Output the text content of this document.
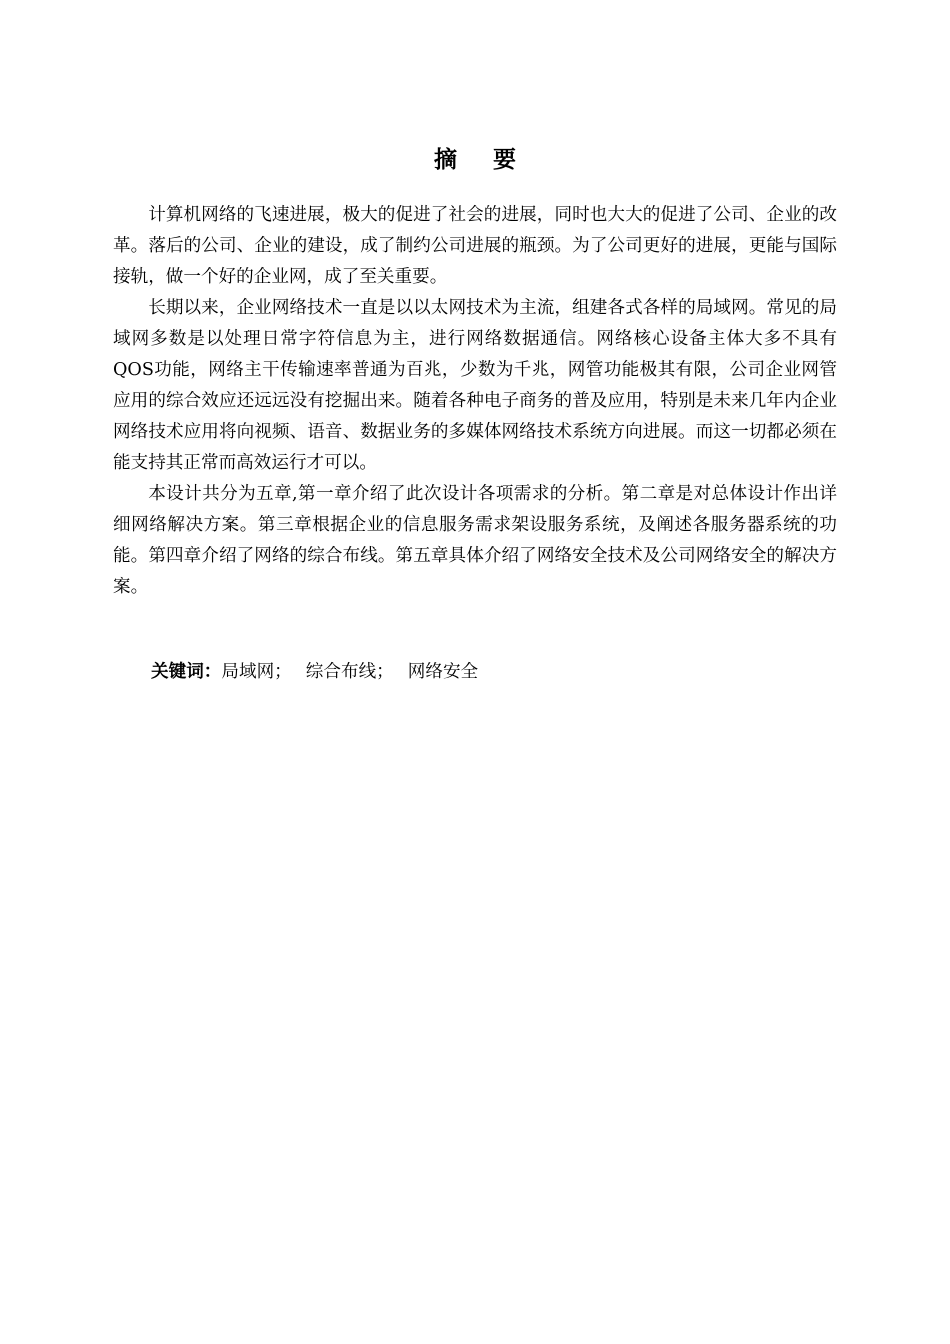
摘 要

计算机网络的飞速进展，极大的促进了社会的进展，同时也大大的促进了公司、企业的改革。落后的公司、企业的建设，成了制约公司进展的瓶颈。为了公司更好的进展，更能与国际接轨，做一个好的企业网，成了至关重要。

长期以来，企业网络技术一直是以以太网技术为主流，组建各式各样的局域网。常见的局域网多数是以处理日常字符信息为主，进行网络数据通信。网络核心设备主体大多不具有QOS功能，网络主干传输速率普通为百兆，少数为千兆，网管功能极其有限，公司企业网管应用的综合效应还远远没有挖掘出来。随着各种电子商务的普及应用，特别是未来几年内企业网络技术应用将向视频、语音、数据业务的多媒体网络技术系统方向进展。而这一切都必须在能支持其正常而高效运行才可以。

本设计共分为五章,第一章介绍了此次设计各项需求的分析。第二章是对总体设计作出详细网络解决方案。第三章根据企业的信息服务需求架设服务系统，及阐述各服务器系统的功能。第四章介绍了网络的综合布线。第五章具体介绍了网络安全技术及公司网络安全的解决方案。

关键词：局域网； 综合布线； 网络安全
